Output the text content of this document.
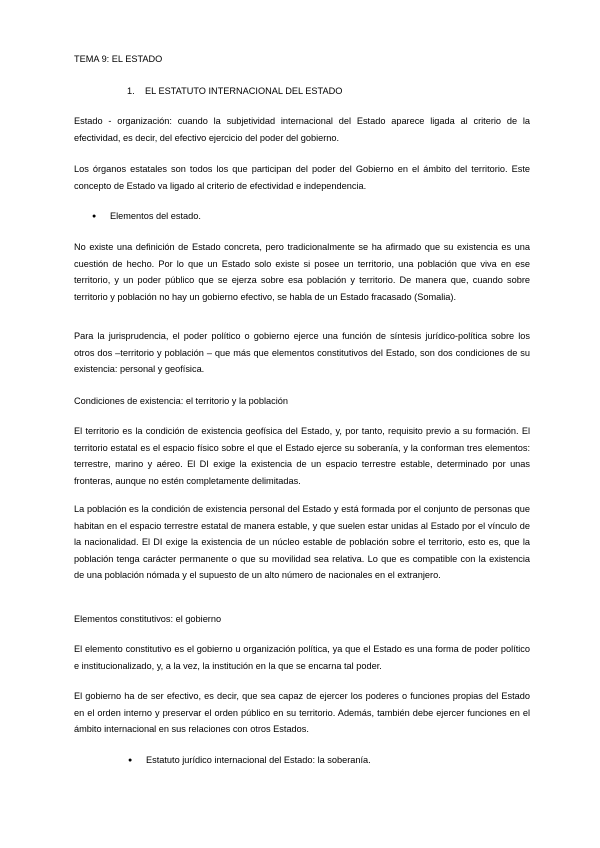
TEMA 9: EL ESTADO
1. EL ESTATUTO INTERNACIONAL DEL ESTADO

Estado - organización: cuando la subjetividad internacional del Estado aparece ligada al criterio de la efectividad, es decir, del efectivo ejercicio del poder del gobierno.

Los órganos estatales son todos los que participan del poder del Gobierno en el ámbito del territorio. Este concepto de Estado va ligado al criterio de efectividad e independencia.

● Elementos del estado.

No existe una definición de Estado concreta, pero tradicionalmente se ha afirmado que su existencia es una cuestión de hecho. Por lo que un Estado solo existe si posee un territorio, una población que viva en ese territorio, y un poder público que se ejerza sobre esa población y territorio. De manera que, cuando sobre territorio y población no hay un gobierno efectivo, se habla de un Estado fracasado (Somalia).

Para la jurisprudencia, el poder político o gobierno ejerce una función de síntesis jurídico-política sobre los otros dos –territorio y población – que más que elementos constitutivos del Estado, son dos condiciones de su existencia: personal y geofísica.

Condiciones de existencia: el territorio y la población

El territorio es la condición de existencia geofísica del Estado, y, por tanto, requisito previo a su formación. El territorio estatal es el espacio físico sobre el que el Estado ejerce su soberanía, y la conforman tres elementos: terrestre, marino y aéreo. El DI exige la existencia de un espacio terrestre estable, determinado por unas fronteras, aunque no estén completamente delimitadas.

La población es la condición de existencia personal del Estado y está formada por el conjunto de personas que habitan en el espacio terrestre estatal de manera estable, y que suelen estar unidas al Estado por el vínculo de la nacionalidad. El DI exige la existencia de un núcleo estable de población sobre el territorio, esto es, que la población tenga carácter permanente o que su movilidad sea relativa. Lo que es compatible con la existencia de una población nómada y el supuesto de un alto número de nacionales en el extranjero.

Elementos constitutivos: el gobierno

El elemento constitutivo es el gobierno u organización política, ya que el Estado es una forma de poder político e institucionalizado, y, a la vez, la institución en la que se encarna tal poder.

El gobierno ha de ser efectivo, es decir, que sea capaz de ejercer los poderes o funciones propias del Estado en el orden interno y preservar el orden público en su territorio. Además, también debe ejercer funciones en el ámbito internacional en sus relaciones con otros Estados.

● Estatuto jurídico internacional del Estado: la soberanía.
